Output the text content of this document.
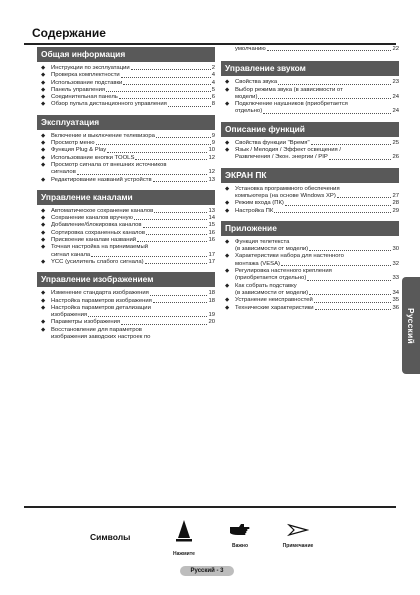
Содержание
Общая информация
◆ Инструкции по эксплуатации	2
◆ Проверка комплектности	4
◆ Использование подставки	4
◆ Панель управления	5
◆ Соединительная панель	6
◆ Обзор пульта дистанционного управления	8
Эксплуатация
◆ Включение и выключение телевизора	9
◆ Просмотр меню	9
◆ Функция Plug & Play	10
◆ Использование кнопки TOOLS	12
◆ Просмотр сигнала от внешних источников
сигналов	12
◆ Редактирование названий устройств	13
Управление каналами
◆ Автоматическое сохранение каналов	13
◆ Сохранение каналов вручную	14
◆ Добавление/блокировка каналов	15
◆ Сортировка сохраненных каналов	16
◆ Присвоение каналам названий	16
◆ Точная настройка на принимаемый
сигнал канала	17
◆ YCC (усилитель слабого сигнала)	17
Управление изображением
◆ Изменение стандарта изображения	18
◆ Настройка параметров изображения	18
◆ Настройка параметров детализации
изображения	19
◆ Параметры изображения	20
◆ Восстановление для параметров
изображения заводских настроек по
умолчанию	22
Управление звуком
◆ Свойства звука	23
◆ Выбор режима звука (в зависимости от
модели)	24
◆ Подключение наушников (приобретается
отдельно)	24
Описание функций
◆ Свойства функции "Время"	25
◆ Язык / Мелодия / Эффект освещения /
Развлечения / Экон. энергии / PIP	26
ЭКРАН ПК
◆ Установка программного обеспечения
компьютера (на основе Windows XP)	27
◆ Режим входа (ПК)	28
◆ Настройка ПК	29
Приложение
◆ Функция телетекста
(в зависимости от модели)	30
◆ Характеристики набора для настенного
монтажа (VESA)	32
◆ Регулировка настенного крепления
(приобретается отдельно)	33
◆ Как собрать подставку
(в зависимости от модели)	34
◆ Устранение неисправностей	35
◆ Технические характеристики	36 Русский
Символы
Нажмите
Важно	Примечание
Русский - 3
